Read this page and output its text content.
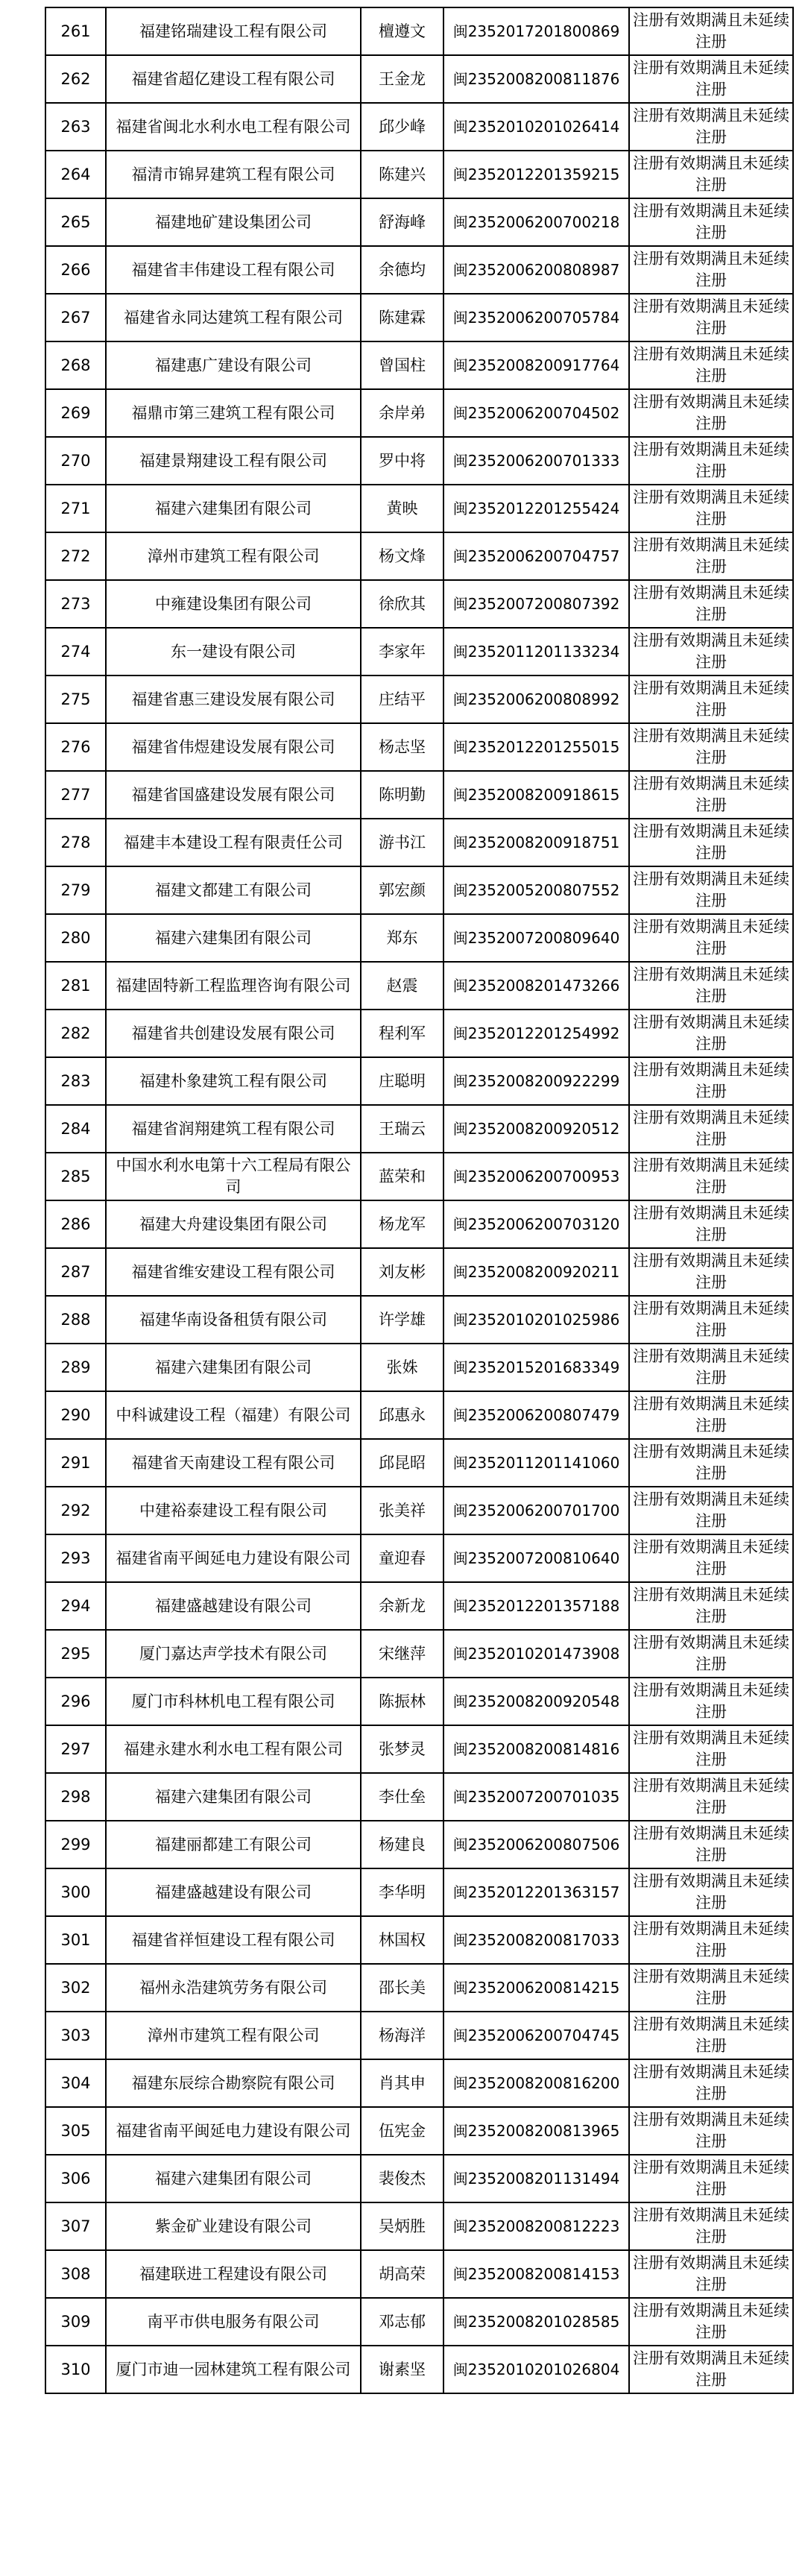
261	福建铭瑞建设工程有限公司	檀遵文	闽2352017201800869	注册有效期满且未延续注册
262	福建省超亿建设工程有限公司	王金龙	闽2352008200811876	注册有效期满且未延续注册
263	福建省闽北水利水电工程有限公司	邱少峰	闽2352010201026414	注册有效期满且未延续注册
264	福清市锦昇建筑工程有限公司	陈建兴	闽2352012201359215	注册有效期满且未延续注册
265	福建地矿建设集团公司	舒海峰	闽2352006200700218	注册有效期满且未延续注册
266	福建省丰伟建设工程有限公司	余德均	闽2352006200808987	注册有效期满且未延续注册
267	福建省永同达建筑工程有限公司	陈建霖	闽2352006200705784	注册有效期满且未延续注册
268	福建惠广建设有限公司	曾国柱	闽2352008200917764	注册有效期满且未延续注册
269	福鼎市第三建筑工程有限公司	余岸弟	闽2352006200704502	注册有效期满且未延续注册
270	福建景翔建设工程有限公司	罗中将	闽2352006200701333	注册有效期满且未延续注册
271	福建六建集团有限公司	黄映	闽2352012201255424	注册有效期满且未延续注册
272	漳州市建筑工程有限公司	杨文烽	闽2352006200704757	注册有效期满且未延续注册
273	中雍建设集团有限公司	徐欣其	闽2352007200807392	注册有效期满且未延续注册
274	东一建设有限公司	李家年	闽2352011201133234	注册有效期满且未延续注册
275	福建省惠三建设发展有限公司	庄结平	闽2352006200808992	注册有效期满且未延续注册
276	福建省伟煜建设发展有限公司	杨志坚	闽2352012201255015	注册有效期满且未延续注册
277	福建省国盛建设发展有限公司	陈明勤	闽2352008200918615	注册有效期满且未延续注册
278	福建丰本建设工程有限责任公司	游书江	闽2352008200918751	注册有效期满且未延续注册
279	福建文都建工有限公司	郭宏颜	闽2352005200807552	注册有效期满且未延续注册
280	福建六建集团有限公司	郑东	闽2352007200809640	注册有效期满且未延续注册
281	福建固特新工程监理咨询有限公司	赵震	闽2352008201473266	注册有效期满且未延续注册
282	福建省共创建设发展有限公司	程利军	闽2352012201254992	注册有效期满且未延续注册
283	福建朴象建筑工程有限公司	庄聪明	闽2352008200922299	注册有效期满且未延续注册
284	福建省润翔建筑工程有限公司	王瑞云	闽2352008200920512	注册有效期满且未延续注册
285	中国水利水电第十六工程局有限公司	蓝荣和	闽2352006200700953	注册有效期满且未延续注册
286	福建大舟建设集团有限公司	杨龙军	闽2352006200703120	注册有效期满且未延续注册
287	福建省维安建设工程有限公司	刘友彬	闽2352008200920211	注册有效期满且未延续注册
288	福建华南设备租赁有限公司	许学雄	闽2352010201025986	注册有效期满且未延续注册
289	福建六建集团有限公司	张姝	闽2352015201683349	注册有效期满且未延续注册
290	中科诚建设工程（福建）有限公司	邱惠永	闽2352006200807479	注册有效期满且未延续注册
291	福建省天南建设工程有限公司	邱昆昭	闽2352011201141060	注册有效期满且未延续注册
292	中建裕泰建设工程有限公司	张美祥	闽2352006200701700	注册有效期满且未延续注册
293	福建省南平闽延电力建设有限公司	童迎春	闽2352007200810640	注册有效期满且未延续注册
294	福建盛越建设有限公司	余新龙	闽2352012201357188	注册有效期满且未延续注册
295	厦门嘉达声学技术有限公司	宋继萍	闽2352010201473908	注册有效期满且未延续注册
296	厦门市科林机电工程有限公司	陈振林	闽2352008200920548	注册有效期满且未延续注册
297	福建永建水利水电工程有限公司	张梦灵	闽2352008200814816	注册有效期满且未延续注册
298	福建六建集团有限公司	李仕垒	闽2352007200701035	注册有效期满且未延续注册
299	福建丽都建工有限公司	杨建良	闽2352006200807506	注册有效期满且未延续注册
300	福建盛越建设有限公司	李华明	闽2352012201363157	注册有效期满且未延续注册
301	福建省祥恒建设工程有限公司	林国权	闽2352008200817033	注册有效期满且未延续注册
302	福州永浩建筑劳务有限公司	邵长美	闽2352006200814215	注册有效期满且未延续注册
303	漳州市建筑工程有限公司	杨海洋	闽2352006200704745	注册有效期满且未延续注册
304	福建东辰综合勘察院有限公司	肖其申	闽2352008200816200	注册有效期满且未延续注册
305	福建省南平闽延电力建设有限公司	伍宪金	闽2352008200813965	注册有效期满且未延续注册
306	福建六建集团有限公司	裴俊杰	闽2352008201131494	注册有效期满且未延续注册
307	紫金矿业建设有限公司	吴炳胜	闽2352008200812223	注册有效期满且未延续注册
308	福建联进工程建设有限公司	胡高荣	闽2352008200814153	注册有效期满且未延续注册
309	南平市供电服务有限公司	邓志郁	闽2352008201028585	注册有效期满且未延续注册
310	厦门市迪一园林建筑工程有限公司	谢素坚	闽2352010201026804	注册有效期满且未延续注册
